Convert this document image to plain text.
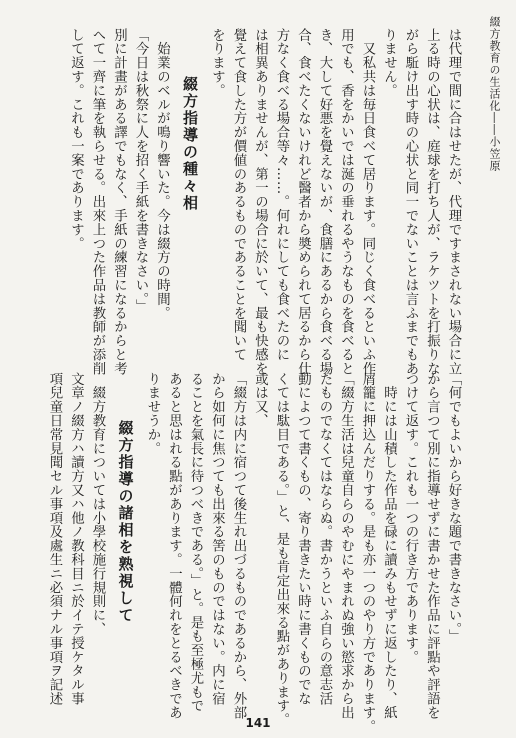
綴方教育の生活化――小笠原
は代理で間に合はせたが、代理ですまされない場合に立
上る時の心状は、庭球を打ち人が、ラケツトを打振りな
がら駈け出す時の心状と同一でないことは言ふまでもあ
りません。
　又私共は毎日食べて居ります。同じく食べるといふ作
用でも、香をかいでは涎の垂れるやうなものを食べると
き、大して好悪を覺えないが、食膳にあるから食べる場
合、食べたくないけれど醫者から奬められて居るから仕
方なく食べる場合等々……。何れにしても食べたのに
は相異ありませんが、第一の場合に於いて、最も快感を
覺えて食した方が價値のあるものであることを聞いて
をります。
綴方指導の種々相
　始業のベルが鳴り響いた。今は綴方の時間。
「今日は秋祭に人を招く手紙を書きなさい。」
別に計畫がある譯でもなく、手紙の練習になるからと考
へて一齊に筆を執らせる。出來上つた作品は教師が添削
して返す。これも一案であります。
「何でもよいから好きな題で書きなさい。」
から言つて別に指導せずに書かせた作品に評點や評語を
つけて返す。これも一つの行き方であります。
　時には山積した作品を碌に讀みもせずに返したり、紙
屑籠に押込んだりする。是も亦一つのやり方であります。
「綴方生活は兒童自らのやむにやまれぬ強い慾求から出
たものでなくてはならぬ。書かうといふ自らの意志活
動によつて書くもの、寄り書きたい時に書くものでな
くては駄目である。」と、是も肯定出來る點があります。
或は又、
「綴方は内に宿つて後生れ出づるものであるから、外部
から如何に焦つても出來る筈のものではない。内に宿
ることを氣長に待つべきである。」と。是も至極尤もで
あると思はれる點があります。一體何れをとるべきであ
りませうか。
綴方指導の諸相を熟視して
　綴方教育については小學校施行規則に、
文章ノ綴方ハ讀方又ハ他ノ教科目ニ於イテ授ケタル事
項兒童日常見聞セル事項及處生ニ必須ナル事項ヲ記述
141
